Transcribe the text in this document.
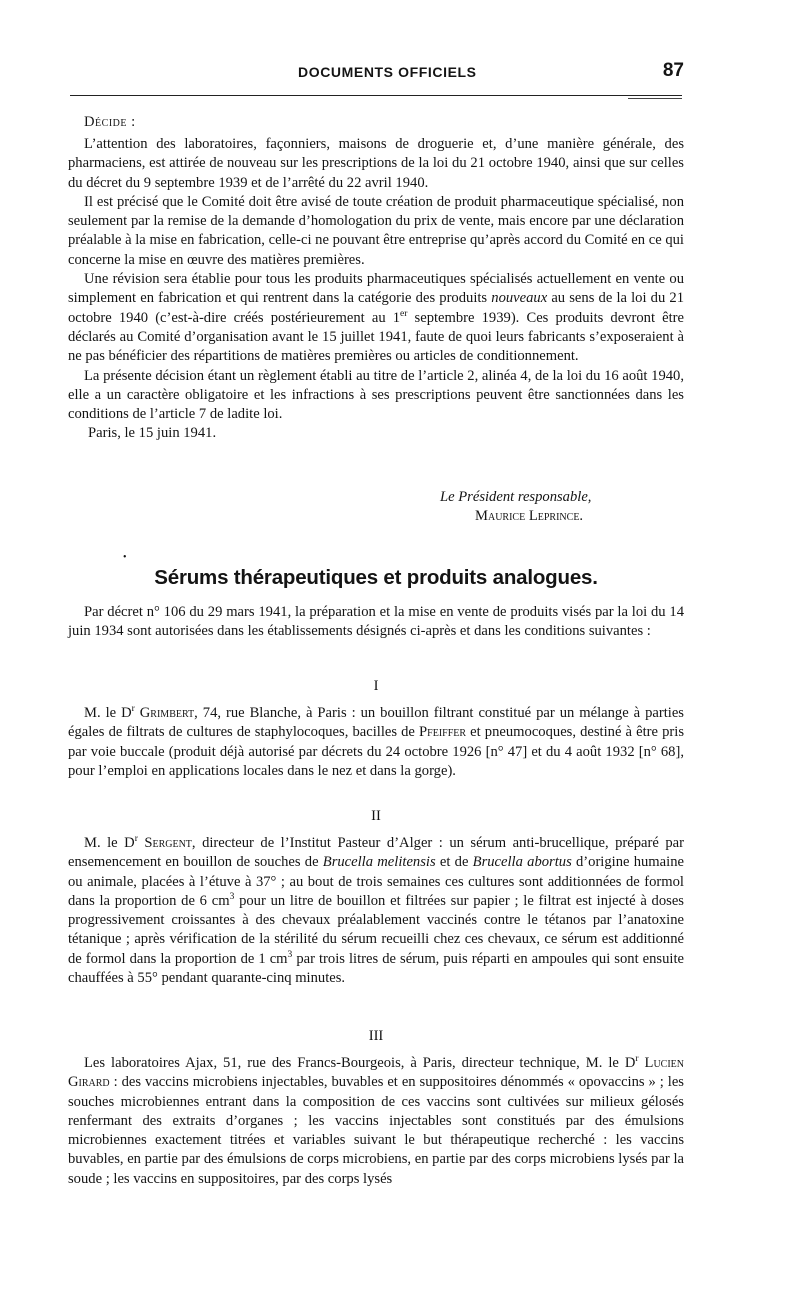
DOCUMENTS OFFICIELS	87
Décide :

L’attention des laboratoires, façonniers, maisons de droguerie et, d’une manière générale, des pharmaciens, est attirée de nouveau sur les prescriptions de la loi du 21 octobre 1940, ainsi que sur celles du décret du 9 septembre 1939 et de l’arrêté du 22 avril 1940.

Il est précisé que le Comité doit être avisé de toute création de produit pharmaceutique spécialisé, non seulement par la remise de la demande d’homologation du prix de vente, mais encore par une déclaration préalable à la mise en fabrication, celle-ci ne pouvant être entreprise qu’après accord du Comité en ce qui concerne la mise en œuvre des matières premières.

Une révision sera établie pour tous les produits pharmaceutiques spécialisés actuellement en vente ou simplement en fabrication et qui rentrent dans la catégorie des produits nouveaux au sens de la loi du 21 octobre 1940 (c’est-à-dire créés postérieurement au 1er septembre 1939). Ces produits devront être déclarés au Comité d’organisation avant le 15 juillet 1941, faute de quoi leurs fabricants s’exposeraient à ne pas bénéficier des répartitions de matières premières ou articles de conditionnement.

La présente décision étant un règlement établi au titre de l’article 2, alinéa 4, de la loi du 16 août 1940, elle a un caractère obligatoire et les infractions à ses prescriptions peuvent être sanctionnées dans les conditions de l’article 7 de ladite loi.

Paris, le 15 juin 1941.

Le Président responsable,
Maurice Leprince.
•
Sérums thérapeutiques et produits analogues.

Par décret n° 106 du 29 mars 1941, la préparation et la mise en vente de produits visés par la loi du 14 juin 1934 sont autorisées dans les établissements désignés ci-après et dans les conditions suivantes :

I

M. le $D^r$ Grimbert, 74, rue Blanche, à Paris : un bouillon filtrant constitué par un mélange à parties égales de filtrats de cultures de staphylocoques, bacilles de Pfeiffer et pneumocoques, destiné à être pris par voie buccale (produit déjà autorisé par décrets du 24 octobre 1926 [n° 47] et du 4 août 1932 [n° 68], pour l’emploi en applications locales dans le nez et dans la gorge).

II

M. le $D^r$ Sergent, directeur de l’Institut Pasteur d’Alger : un sérum anti-brucellique, préparé par ensemencement en bouillon de souches de Brucella melitensis et de Brucella abortus d’origine humaine ou animale, placées à l’étuve à 37° ; au bout de trois semaines ces cultures sont additionnées de formol dans la proportion de 6 $cm^3$ pour un litre de bouillon et filtrées sur papier ; le filtrat est injecté à doses progressivement croissantes à des chevaux préalablement vaccinés contre le tétanos par l’anatoxine tétanique ; après vérification de la stérilité du sérum recueilli chez ces chevaux, ce sérum est additionné de formol dans la proportion de 1 $cm^3$ par trois litres de sérum, puis réparti en ampoules qui sont ensuite chauffées à 55° pendant quarante-cinq minutes.

III

Les laboratoires Ajax, 51, rue des Francs-Bourgeois, à Paris, directeur technique, M. le $D^r$ Lucien Girard : des vaccins microbiens injectables, buvables et en suppositoires dénommés « opovaccins » ; les souches microbiennes entrant dans la composition de ces vaccins sont cultivées sur milieux gélosés renfermant des extraits d’organes ; les vaccins injectables sont constitués par des émulsions microbiennes exactement titrées et variables suivant le but thérapeutique recherché : les vaccins buvables, en partie par des émulsions de corps microbiens, en partie par des corps microbiens lysés par la soude ; les vaccins en suppositoires, par des corps lysés
